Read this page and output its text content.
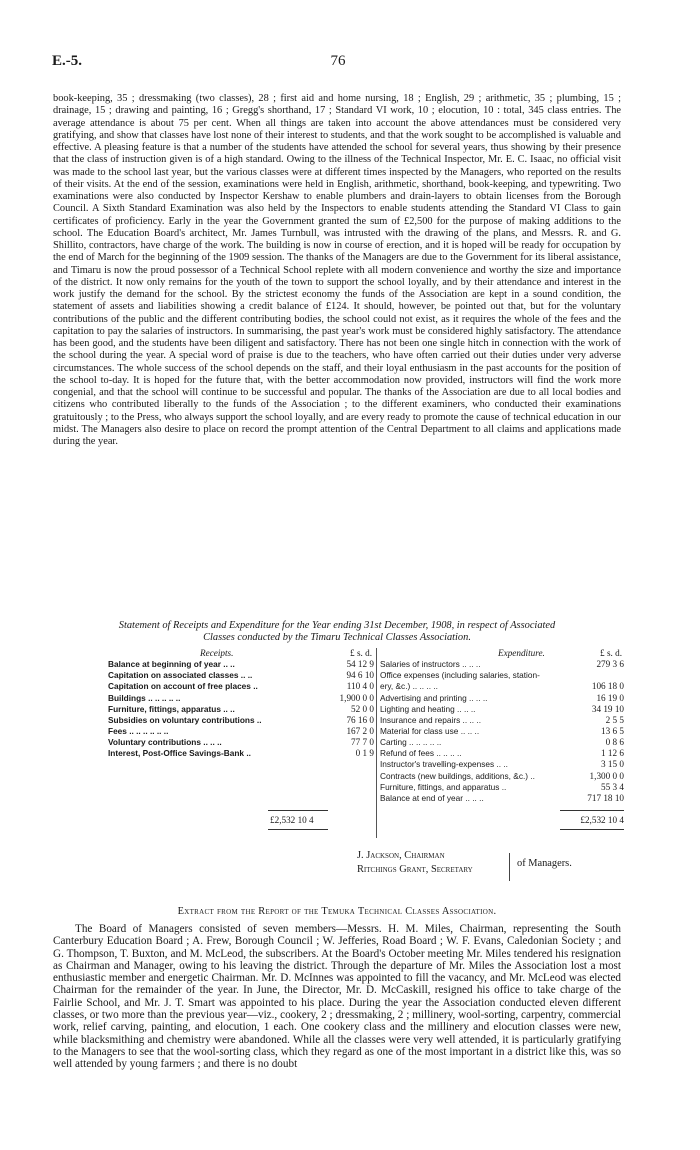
E.-5.	76

book-keeping, 35 ; dressmaking (two classes), 28 ; first aid and home nursing, 18 ; English, 29 ; arithmetic, 35 ; plumbing, 15 ; drainage, 15 ; drawing and painting, 16 ; Gregg's shorthand, 17 ; Standard VI work, 10 ; elocution, 10 : total, 345 class entries. The average attendance is about 75 per cent. When all things are taken into account the above attendances must be considered very gratifying, and show that classes have lost none of their interest to students, and that the work sought to be accomplished is valuable and effective. A pleasing feature is that a number of the students have attended the school for several years, thus showing by their presence that the class of instruction given is of a high standard. Owing to the illness of the Technical Inspector, Mr. E. C. Isaac, no official visit was made to the school last year, but the various classes were at different times inspected by the Managers, who reported on the results of their visits. At the end of the session, examinations were held in English, arithmetic, shorthand, book-keeping, and typewriting. Two examinations were also conducted by Inspector Kershaw to enable plumbers and drain-layers to obtain licenses from the Borough Council. A Sixth Standard Examination was also held by the Inspectors to enable students attending the Standard VI Class to gain certificates of proficiency. Early in the year the Government granted the sum of £2,500 for the purpose of making additions to the school. The Education Board's architect, Mr. James Turnbull, was intrusted with the drawing of the plans, and Messrs. R. and G. Shillito, contractors, have charge of the work. The building is now in course of erection, and it is hoped will be ready for occupation by the end of March for the beginning of the 1909 session. The thanks of the Managers are due to the Government for its liberal assistance, and Timaru is now the proud possessor of a Technical School replete with all modern convenience and worthy the size and importance of the district. It now only remains for the youth of the town to support the school loyally, and by their attendance and interest in the work justify the demand for the school. By the strictest economy the funds of the Association are kept in a sound condition, the statement of assets and liabilities showing a credit balance of £124. It should, however, be pointed out that, but for the voluntary contributions of the public and the different contributing bodies, the school could not exist, as it requires the whole of the fees and the capitation to pay the salaries of instructors. In summarising, the past year's work must be considered highly satisfactory. The attendance has been good, and the students have been diligent and satisfactory. There has not been one single hitch in connection with the work of the school during the year. A special word of praise is due to the teachers, who have often carried out their duties under very adverse circumstances. The whole success of the school depends on the staff, and their loyal enthusiasm in the past accounts for the position of the school to-day. It is hoped for the future that, with the better accommodation now provided, instructors will find the work more congenial, and that the school will continue to be successful and popular. The thanks of the Association are due to all local bodies and citizens who contributed liberally to the funds of the Association ; to the different examiners, who conducted their examinations gratuitously ; to the Press, who always support the school loyally, and are every ready to promote the cause of technical education in our midst. The Managers also desire to place on record the prompt attention of the Central Department to all claims and applications made during the year.

Statement of Receipts and Expenditure for the Year ending 31st December, 1908, in respect of Associated
Classes conducted by the Timaru Technical Classes Association.
Receipts.	£ s. d.
Balance at beginning of year .. ..	54 12 9
Capitation on associated classes .. ..	94 6 10
Capitation on account of free places ..	110 4 0
Buildings .. .. .. .. ..	1,900 0 0
Furniture, fittings, apparatus .. ..	52 0 0
Subsidies on voluntary contributions ..	76 16 0
Fees .. .. .. .. .. ..	167 2 0
Voluntary contributions .. .. ..	77 7 0
Interest, Post-Office Savings-Bank ..	0 1 9
Expenditure.	£ s. d.
Salaries of instructors .. .. ..	279 3 6
Office expenses (including salaries, station-
ery, &c.) .. .. .. ..	106 18 0
Advertising and printing .. .. ..	16 19 0
Lighting and heating .. .. ..	34 19 10
Insurance and repairs .. .. ..	2 5 5
Material for class use .. .. ..	13 6 5
Carting .. .. .. .. ..	0 8 6
Refund of fees .. .. .. ..	1 12 6
Instructor's travelling-expenses .. ..	3 15 0
Contracts (new buildings, additions, &c.) ..	1,300 0 0
Furniture, fittings, and apparatus ..	55 3 4
Balance at end of year .. .. ..	717 18 10
£2,532 10 4	£2,532 10 4
J. Jackson, Chairman
Ritchings Grant, Secretary
of Managers.
Extract from the Report of the Temuka Technical Classes Association.

The Board of Managers consisted of seven members—Messrs. H. M. Miles, Chairman, representing the South Canterbury Education Board ; A. Frew, Borough Council ; W. Jefferies, Road Board ; W. F. Evans, Caledonian Society ; and G. Thompson, T. Buxton, and M. McLeod, the subscribers. At the Board's October meeting Mr. Miles tendered his resignation as Chairman and Manager, owing to his leaving the district. Through the departure of Mr. Miles the Association lost a most enthusiastic member and energetic Chairman. Mr. D. McInnes was appointed to fill the vacancy, and Mr. McLeod was elected Chairman for the remainder of the year. In June, the Director, Mr. D. McCaskill, resigned his office to take charge of the Fairlie School, and Mr. J. T. Smart was appointed to his place. During the year the Association conducted eleven different classes, or two more than the previous year—viz., cookery, 2 ; dressmaking, 2 ; millinery, wool-sorting, carpentry, commercial work, relief carving, painting, and elocution, 1 each. One cookery class and the millinery and elocution classes were new, while blacksmithing and chemistry were abandoned. While all the classes were very well attended, it is particularly gratifying to the Managers to see that the wool-sorting class, which they regard as one of the most important in a district like this, was so well attended by young farmers ; and there is no doubt
